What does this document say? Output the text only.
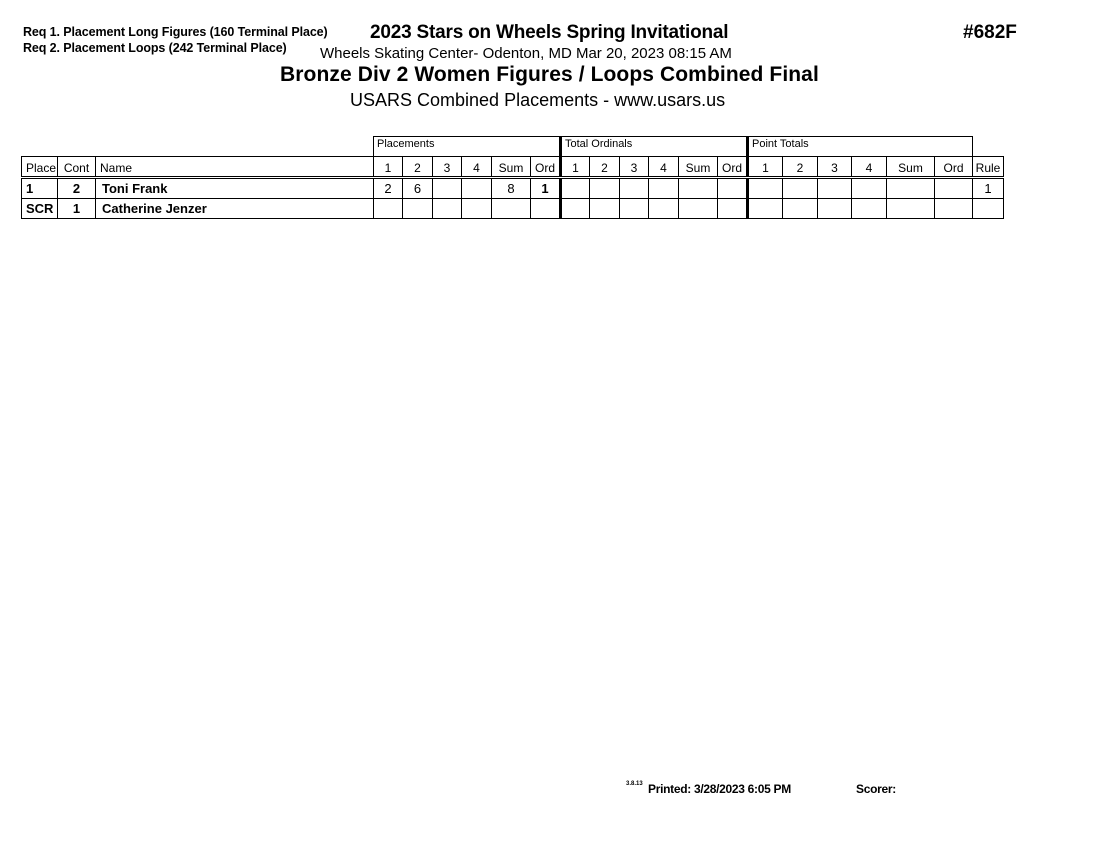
Req 1. Placement Long Figures (160 Terminal Place)
Req 2. Placement Loops (242 Terminal Place)
2023 Stars on Wheels Spring Invitational	#682F
Wheels Skating Center- Odenton, MD Mar 20, 2023 08:15 AM
Bronze Div 2 Women Figures / Loops Combined Final
USARS Combined Placements - www.usars.us
			Placements						Total Ordinals						Point Totals						
Place	Cont	Name	1	2	3	4	Sum	Ord	1	2	3	4	Sum	Ord	1	2	3	4	Sum	Ord	Rule
1	2	Toni Frank	2	6			8	1													1
SCR	1	Catherine Jenzer																			
3.8.13 Printed: 3/28/2023 6:05 PM	Scorer:
